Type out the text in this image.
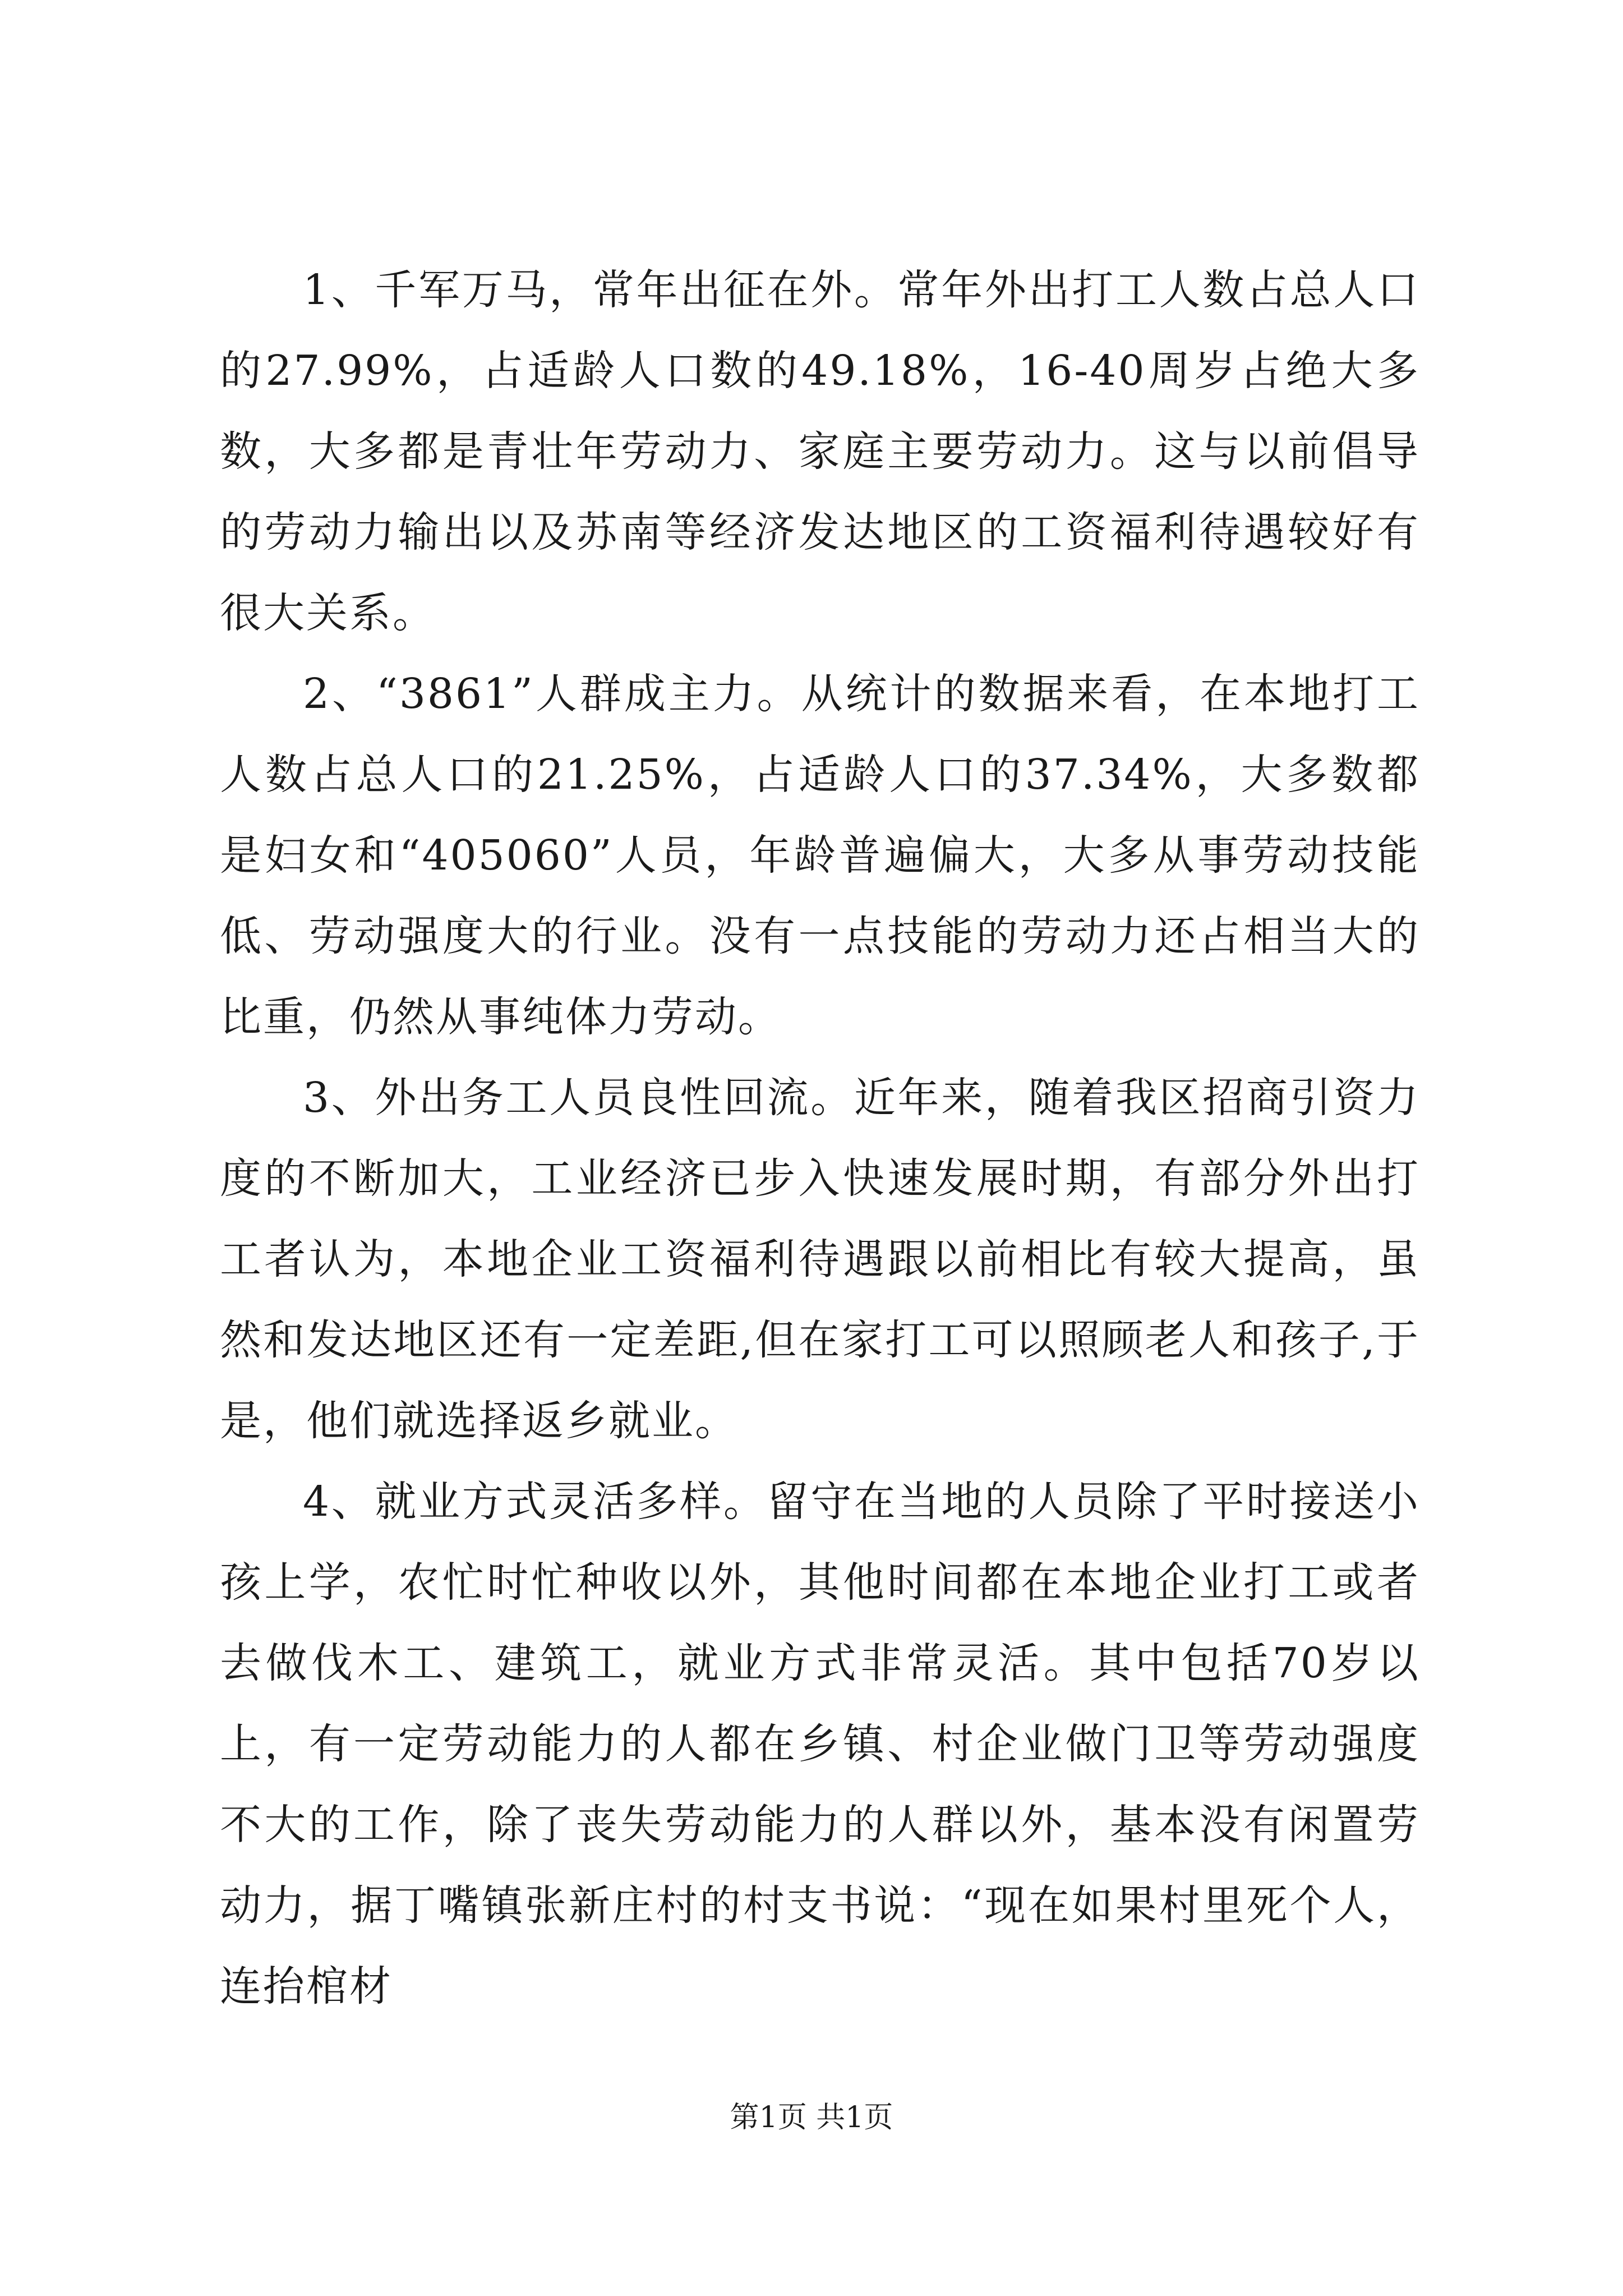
1、千军万马，常年出征在外。常年外出打工人数占总人口的27.99%，占适龄人口数的49.18%，16-40周岁占绝大多数，大多都是青壮年劳动力、家庭主要劳动力。这与以前倡导的劳动力输出以及苏南等经济发达地区的工资福利待遇较好有很大关系。

2、“3861”人群成主力。从统计的数据来看，在本地打工人数占总人口的21.25%，占适龄人口的37.34%，大多数都是妇女和“405060”人员，年龄普遍偏大，大多从事劳动技能低、劳动强度大的行业。没有一点技能的劳动力还占相当大的比重，仍然从事纯体力劳动。

3、外出务工人员良性回流。近年来，随着我区招商引资力度的不断加大，工业经济已步入快速发展时期，有部分外出打工者认为，本地企业工资福利待遇跟以前相比有较大提高，虽然和发达地区还有一定差距,但在家打工可以照顾老人和孩子,于是，他们就选择返乡就业。

4、就业方式灵活多样。留守在当地的人员除了平时接送小孩上学，农忙时忙种收以外，其他时间都在本地企业打工或者去做伐木工、建筑工，就业方式非常灵活。其中包括70岁以上，有一定劳动能力的人都在乡镇、村企业做门卫等劳动强度不大的工作，除了丧失劳动能力的人群以外，基本没有闲置劳动力，据丁嘴镇张新庄村的村支书说：“现在如果村里死个人，连抬棺材

第1页 共1页
